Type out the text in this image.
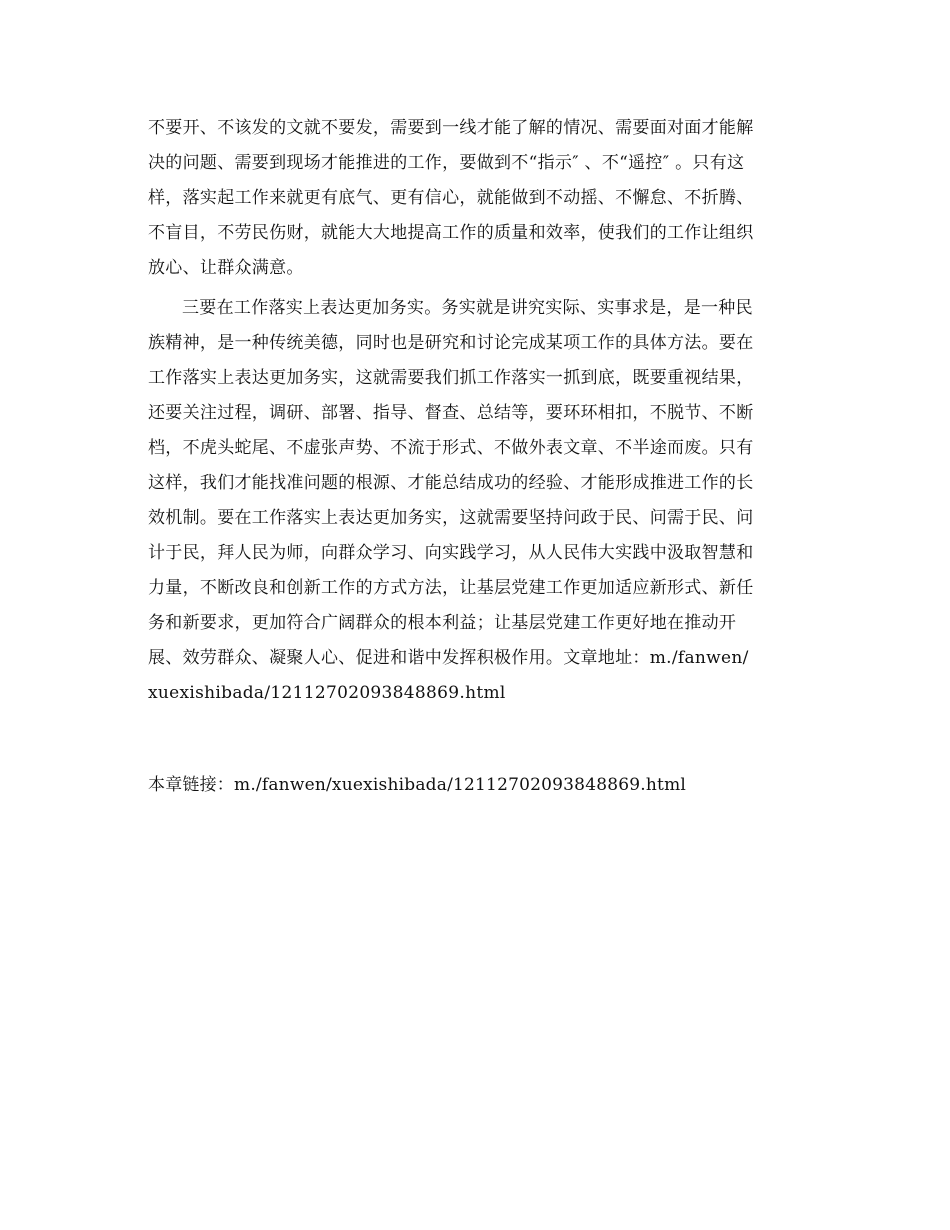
不要开、不该发的文就不要发，需要到一线才能了解的情况、需要面对面才能解
决的问题、需要到现场才能推进的工作，要做到不“指示″ 、不“遥控″ 。只有这
样，落实起工作来就更有底气、更有信心，就能做到不动摇、不懈怠、不折腾、
不盲目，不劳民伤财，就能大大地提高工作的质量和效率，使我们的工作让组织
放心、让群众满意。
三要在工作落实上表达更加务实。务实就是讲究实际、实事求是，是一种民
族精神，是一种传统美德，同时也是研究和讨论完成某项工作的具体方法。要在
工作落实上表达更加务实，这就需要我们抓工作落实一抓到底，既要重视结果，
还要关注过程，调研、部署、指导、督查、总结等，要环环相扣，不脱节、不断
档，不虎头蛇尾、不虚张声势、不流于形式、不做外表文章、不半途而废。只有
这样，我们才能找准问题的根源、才能总结成功的经验、才能形成推进工作的长
效机制。要在工作落实上表达更加务实，这就需要坚持问政于民、问需于民、问
计于民，拜人民为师，向群众学习、向实践学习，从人民伟大实践中汲取智慧和
力量，不断改良和创新工作的方式方法，让基层党建工作更加适应新形式、新任
务和新要求，更加符合广阔群众的根本利益；让基层党建工作更好地在推动开
展、效劳群众、凝聚人心、促进和谐中发挥积极作用。文章地址：m./fanwen/
xuexishibada/12112702093848869.html
本章链接：m./fanwen/xuexishibada/12112702093848869.html
